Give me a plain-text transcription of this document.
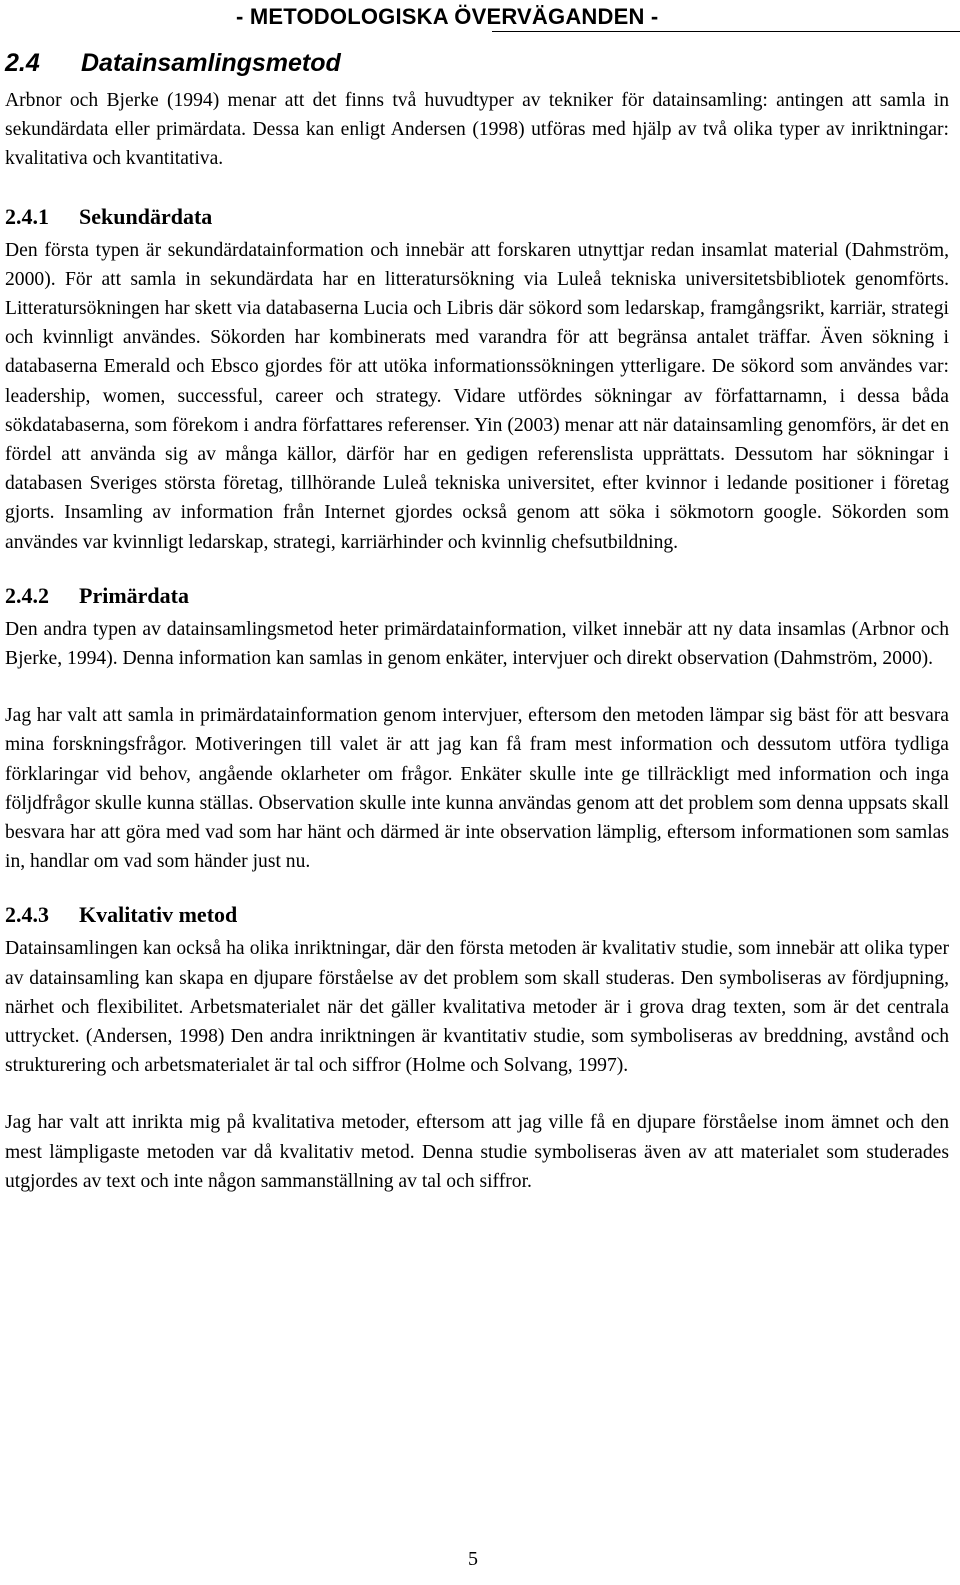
- METODOLOGISKA ÖVERVÄGANDEN -
2.4 Datainsamlingsmetod

Arbnor och Bjerke (1994) menar att det finns två huvudtyper av tekniker för datainsamling: antingen att samla in sekundärdata eller primärdata. Dessa kan enligt Andersen (1998) utföras med hjälp av två olika typer av inriktningar: kvalitativa och kvantitativa.

2.4.1 Sekundärdata

Den första typen är sekundärdatainformation och innebär att forskaren utnyttjar redan insamlat material (Dahmström, 2000). För att samla in sekundärdata har en litteratursökning via Luleå tekniska universitetsbibliotek genomförts. Litteratursökningen har skett via databaserna Lucia och Libris där sökord som ledarskap, framgångsrikt, karriär, strategi och kvinnligt användes. Sökorden har kombinerats med varandra för att begränsa antalet träffar. Även sökning i databaserna Emerald och Ebsco gjordes för att utöka informationssökningen ytterligare. De sökord som användes var: leadership, women, successful, career och strategy. Vidare utfördes sökningar av författarnamn, i dessa båda sökdatabaserna, som förekom i andra författares referenser. Yin (2003) menar att när datainsamling genomförs, är det en fördel att använda sig av många källor, därför har en gedigen referenslista upprättats. Dessutom har sökningar i databasen Sveriges största företag, tillhörande Luleå tekniska universitet, efter kvinnor i ledande positioner i företag gjorts. Insamling av information från Internet gjordes också genom att söka i sökmotorn google. Sökorden som användes var kvinnligt ledarskap, strategi, karriärhinder och kvinnlig chefsutbildning.

2.4.2 Primärdata

Den andra typen av datainsamlingsmetod heter primärdatainformation, vilket innebär att ny data insamlas (Arbnor och Bjerke, 1994). Denna information kan samlas in genom enkäter, intervjuer och direkt observation (Dahmström, 2000).

Jag har valt att samla in primärdatainformation genom intervjuer, eftersom den metoden lämpar sig bäst för att besvara mina forskningsfrågor. Motiveringen till valet är att jag kan få fram mest information och dessutom utföra tydliga förklaringar vid behov, angående oklarheter om frågor. Enkäter skulle inte ge tillräckligt med information och inga följdfrågor skulle kunna ställas. Observation skulle inte kunna användas genom att det problem som denna uppsats skall besvara har att göra med vad som har hänt och därmed är inte observation lämplig, eftersom informationen som samlas in, handlar om vad som händer just nu.

2.4.3 Kvalitativ metod

Datainsamlingen kan också ha olika inriktningar, där den första metoden är kvalitativ studie, som innebär att olika typer av datainsamling kan skapa en djupare förståelse av det problem som skall studeras. Den symboliseras av fördjupning, närhet och flexibilitet. Arbetsmaterialet när det gäller kvalitativa metoder är i grova drag texten, som är det centrala uttrycket. (Andersen, 1998) Den andra inriktningen är kvantitativ studie, som symboliseras av breddning, avstånd och strukturering och arbetsmaterialet är tal och siffror (Holme och Solvang, 1997).

Jag har valt att inrikta mig på kvalitativa metoder, eftersom att jag ville få en djupare förståelse inom ämnet och den mest lämpligaste metoden var då kvalitativ metod. Denna studie symboliseras även av att materialet som studerades utgjordes av text och inte någon sammanställning av tal och siffror.

5
